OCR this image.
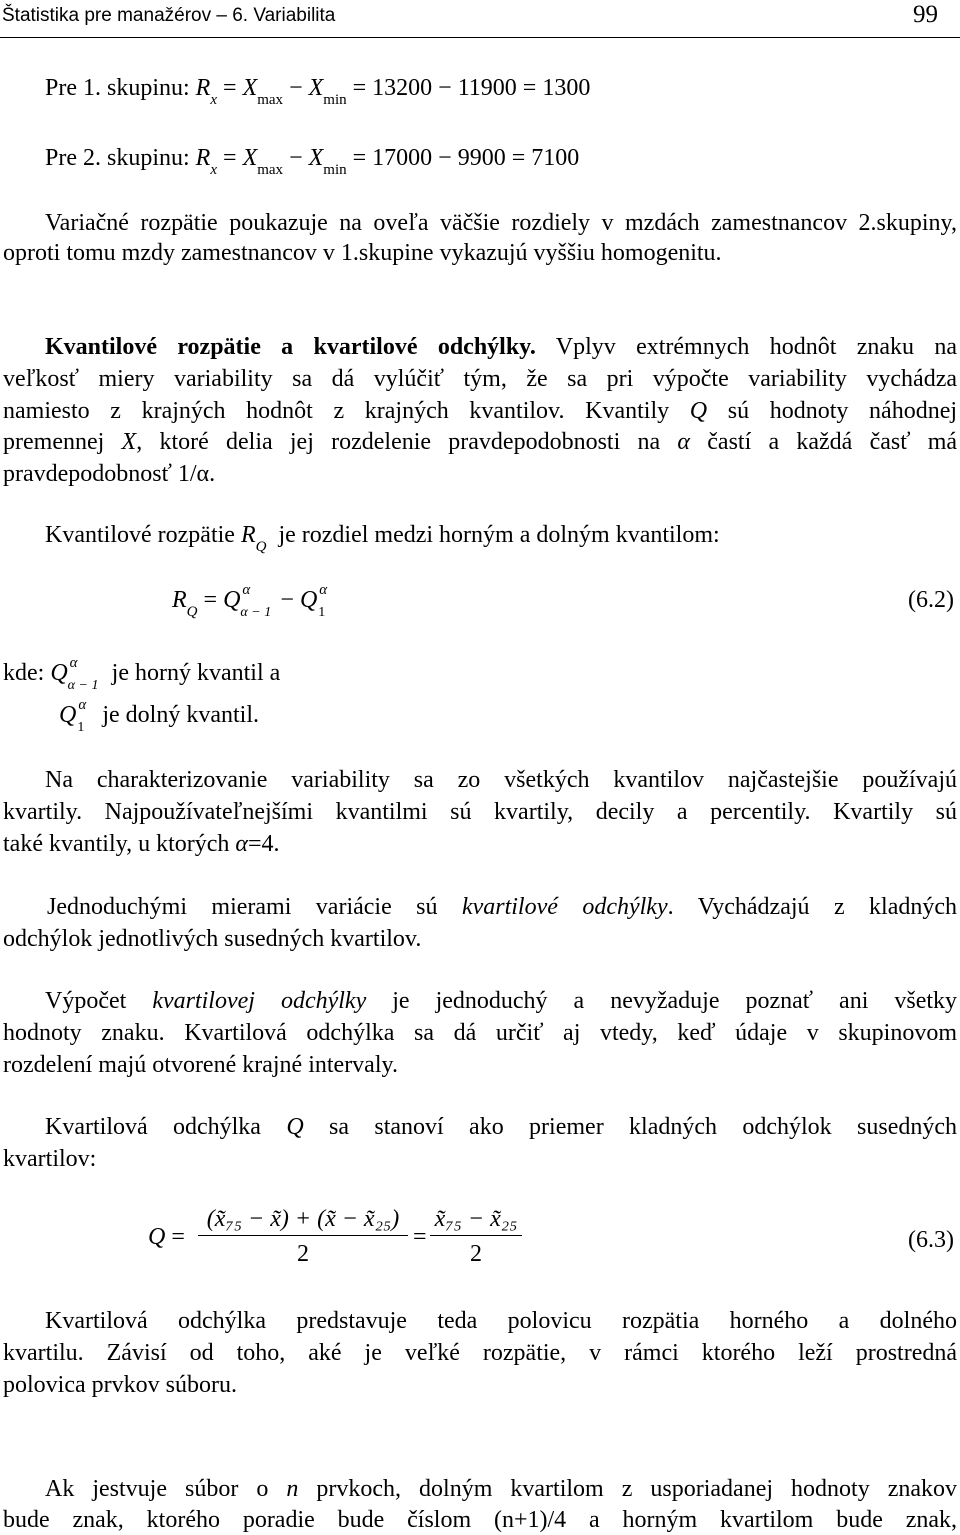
Štatistika pre manažérov – 6. Variabilita	99
Pre 1. skupinu: $R_x = X_{max} - X_{min} = 13200 - 11900 = 1300$
Pre 2. skupinu: $R_x = X_{max} - X_{min} = 17000 - 9900 = 7100$
Variačné rozpätie poukazuje na oveľa väčšie rozdiely v mzdách zamestnancov 2.skupiny,
oproti tomu mzdy zamestnancov v 1.skupine vykazujú vyššiu homogenitu.
Kvantilové rozpätie a kvartilové odchýlky. Vplyv extrémnych hodnôt znaku na
veľkosť miery variability sa dá vylúčiť tým, že sa pri výpočte variability vychádza
namiesto z krajných hodnôt z krajných kvantilov. Kvantily Q sú hodnoty náhodnej
premennej X, ktoré delia jej rozdelenie pravdepodobnosti na α častí a každá časť má
pravdepodobnosť 1/α.
Kvantilové rozpätie $R_Q$ je rozdiel medzi horným a dolným kvantilom:
$R_Q = Q$ α
α − 1 − Q α
1	(6.2)
kde: Q α
α − 1 je horný kvantil a
Q α
1 je dolný kvantil.
Na charakterizovanie variability sa zo všetkých kvantilov najčastejšie používajú
kvartily. Najpoužívateľnejšími kvantilmi sú kvartily, decily a percentily. Kvartily sú
také kvantily, u ktorých α=4.
Jednoduchými mierami variácie sú kvartilové odchýlky. Vychádzajú z kladných
odchýlok jednotlivých susedných kvartilov.
Výpočet kvartilovej odchýlky je jednoduchý a nevyžaduje poznať ani všetky
hodnoty znaku. Kvartilová odchýlka sa dá určiť aj vtedy, keď údaje v skupinovom
rozdelení majú otvorené krajné intervaly.
Kvartilová odchýlka Q sa stanoví ako priemer kladných odchýlok susedných
kvartilov:
Q =
(x̃₇₅ − x̃) + (x̃ − x̃₂₅)
2
=
x̃₇₅ − x̃₂₅
2
(6.3)
Kvartilová odchýlka predstavuje teda polovicu rozpätia horného a dolného
kvartilu. Závisí od toho, aké je veľké rozpätie, v rámci ktorého leží prostredná
polovica prvkov súboru.
Ak jestvuje súbor o n prvkoch, dolným kvartilom z usporiadanej hodnoty znakov
bude znak, ktorého poradie bude číslom (n+1)/4 a horným kvartilom bude znak,
